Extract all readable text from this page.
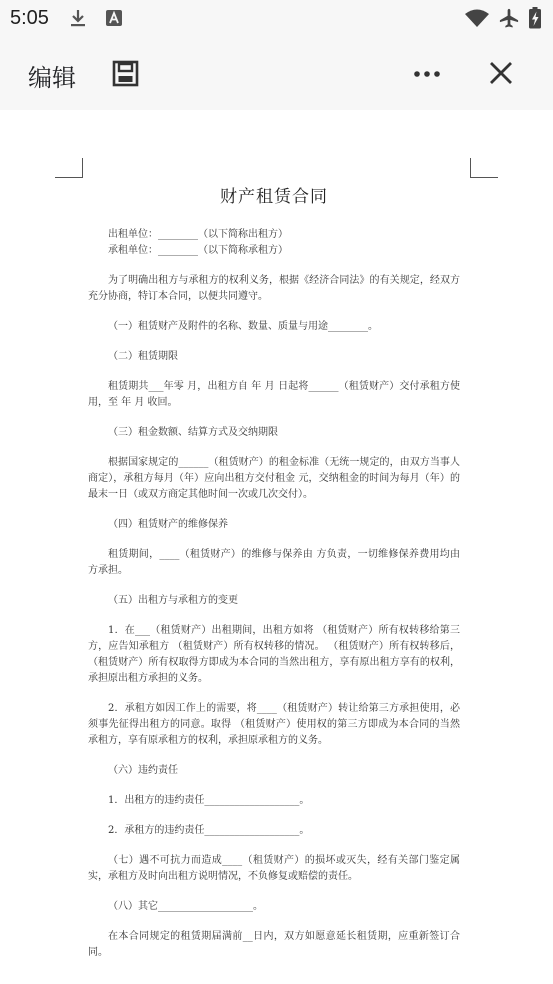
5:05
编辑
财产租赁合同
出租单位：________（以下简称出租方）
承租单位：________（以下简称承租方）
为了明确出租方与承租方的权利义务，根据《经济合同法》的有关规定，经双方充分协商，特订本合同，以便共同遵守。
（一）租赁财产及附件的名称、数量、质量与用途________。
（二）租赁期限
租赁期共___年零 月，出租方自 年 月 日起将______（租赁财产）交付承租方使用，至 年 月 收回。
（三）租金数额、结算方式及交纳期限
根据国家规定的______（租赁财产）的租金标准（无统一规定的，由双方当事人商定），承租方每月（年）应向出租方交付租金 元，交纳租金的时间为每月（年）的最末一日（或双方商定其他时间一次或几次交付）。
（四）租赁财产的维修保养
租赁期间，____（租赁财产）的维修与保养由 方负责，一切维修保养费用均由 方承担。
（五）出租方与承租方的变更
1．在___（租赁财产）出租期间，出租方如将 （租赁财产）所有权转移给第三方，应告知承租方 （租赁财产）所有权转移的情况。 （租赁财产）所有权转移后， （租赁财产）所有权取得方即成为本合同的当然出租方，享有原出租方享有的权利，承担原出租方承担的义务。
2．承租方如因工作上的需要，将____（租赁财产）转让给第三方承担使用，必须事先征得出租方的同意。取得 （租赁财产）使用权的第三方即成为本合同的当然承租方，享有原承租方的权利，承担原承租方的义务。
（六）违约责任
1．出租方的违约责任___________________。
2．承租方的违约责任___________________。
（七）遇不可抗力而造成____（租赁财产）的损坏或灭失，经有关部门鉴定属实，承租方及时向出租方说明情况，不负修复或赔偿的责任。
（八）其它___________________。
在本合同规定的租赁期届满前__日内，双方如愿意延长租赁期，应重新签订合同。
